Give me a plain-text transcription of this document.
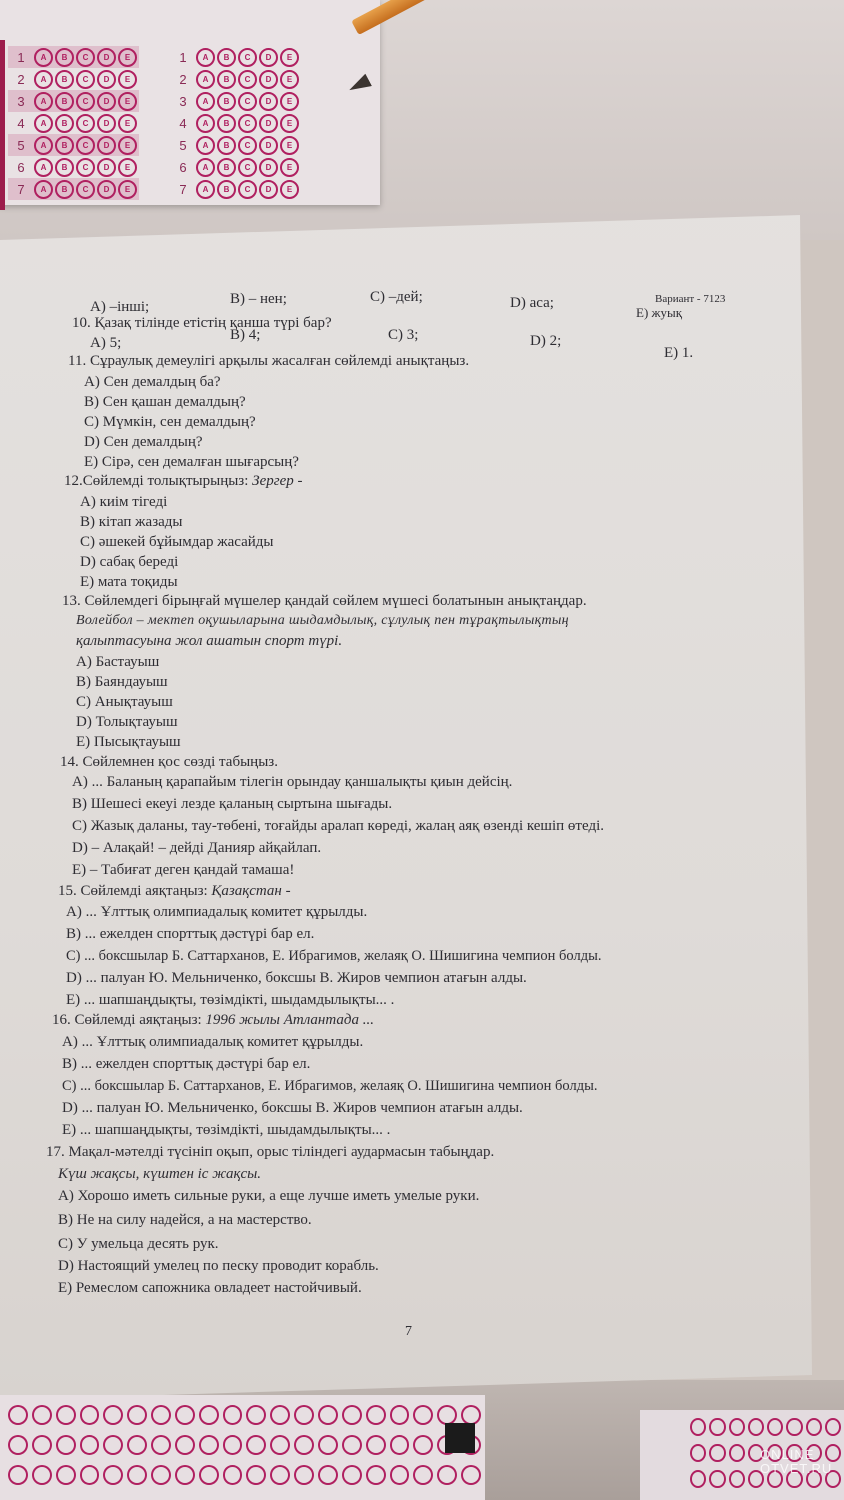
1	A	B	C	D	E
2	A	B	C	D	E
3	A	B	C	D	E
4	A	B	C	D	E
5	A	B	C	D	E
6	A	B	C	D	E
7	A	B	C	D	E
1	A	B	C	D	E
2	A	B	C	D	E
3	A	B	C	D	E
4	A	B	C	D	E
5	A	B	C	D	E
6	A	B	C	D	E
7	A	B	C	D	E
Вариант - 7123
A) –іншi;	B) – нен;	C) –дей;	D) аса;
E) жуық
10. Қазақ тілінде етістің қанша түрі бар?
A) 5;	B) 4;	C) 3;	D) 2;
E) 1.
11. Сұраулық демеулігі арқылы жасалған сөйлемді анықтаңыз.
A) Сен демалдың ба?
B) Сен қашан демалдың?
C) Мүмкін, сен демалдың?
D) Сен демалдың?
E) Сірә, сен демалған шығарсың?
12.Сөйлемді толықтырыңыз: Зергер -
A) киім тігеді
B) кітап жазады
C) әшекей бұйымдар жасайды
D) сабақ береді
E) мата тоқиды
13. Сөйлемдегі бірыңғай мүшелер қандай сөйлем мүшесі болатынын анықтаңдар.
Волейбол – мектеп оқушыларына шыдамдылық, сұлулық пен тұрақтылықтың
қалыптасуына жол ашатын спорт түрі.
A) Бастауыш
B) Баяндауыш
C) Анықтауыш
D) Толықтауыш
E) Пысықтауыш
14. Сөйлемнен қос сөзді табыңыз.
A) ... Баланың қарапайым тілегін орындау қаншалықты қиын дейсің.
B) Шешесі екеуі лезде қаланың сыртына шығады.
C) Жазық даланы, тау-төбені, тоғайды аралап көреді, жалаң аяқ өзенді кешіп өтеді.
D) – Алақай! – дейді Данияр айқайлап.
E) – Табиғат деген қандай тамаша!
15. Сөйлемді аяқтаңыз: Қазақстан -
A) ... Ұлттық олимпиадалық комитет құрылды.
B) ... ежелден спорттық дәстүрі бар ел.
C) ... боксшылар Б. Саттарханов, Е. Ибрагимов, желаяқ О. Шишигина чемпион болды.
D) ... палуан Ю. Мельниченко, боксшы В. Жиров чемпион атағын алды.
E) ... шапшаңдықты, төзімдікті, шыдамдылықты... .
16. Сөйлемді аяқтаңыз: 1996 жылы Атлантада ...
A) ... Ұлттық олимпиадалық комитет құрылды.
B) ... ежелден спорттық дәстүрі бар ел.
C) ... боксшылар Б. Саттарханов, Е. Ибрагимов, желаяқ О. Шишигина чемпион болды.
D) ... палуан Ю. Мельниченко, боксшы В. Жиров чемпион атағын алды.
E) ... шапшаңдықты, төзімдікті, шыдамдылықты... .
17. Мақал-мәтелді түсініп оқып, орыс тіліндегі аудармасын табыңдар.
Күш жақсы, күштен іс жақсы.
A) Хорошо иметь сильные руки, а еще лучше иметь умелые руки.
B) Не на силу надейся, а на мастерство.
C) У умельца десять рук.
D) Настоящий умелец по песку проводит корабль.
E) Ремеслом сапожника овладеет настойчивый.
7
ONLINE
OTVET.RU
